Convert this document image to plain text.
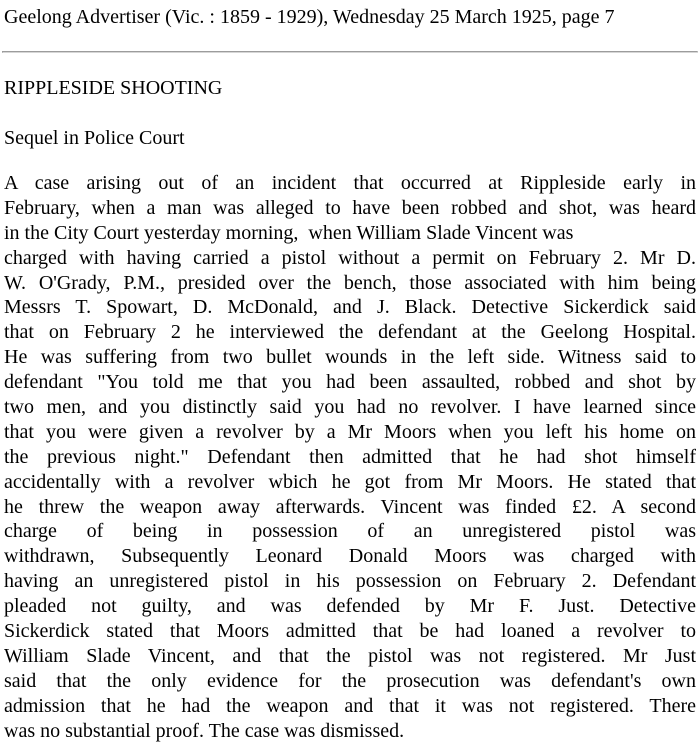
Geelong Advertiser (Vic. : 1859 - 1929), Wednesday 25 March 1925, page 7
RIPPLESIDE SHOOTING
Sequel in Police Court
A case arising out of an incident that occurred at Rippleside early in
February, when a man was alleged to have been robbed and shot, was heard
in the City Court yesterday morning,  when William Slade Vincent was
charged with having carried a pistol without a permit on February 2. Mr D.
W. O'Grady, P.M., presided over the bench, those associated with him being
Messrs T. Spowart, D. McDonald, and J. Black. Detective Sickerdick said
that on February 2 he interviewed the defendant at the Geelong Hospital.
He was suffering from two bullet wounds in the left side. Witness said to
defendant "You told me that you had been assaulted, robbed and shot by
two men, and you distinctly said you had no revolver. I have learned since
that you were given a revolver by a Mr Moors when you left his home on
the previous night." Defendant then admitted that he had shot himself
accidentally with a revolver wbich he got from Mr Moors. He stated that
he threw the weapon away afterwards. Vincent was finded £2. A second
charge of being in possession of an unregistered pistol was
withdrawn, Subsequently Leonard Donald Moors was charged with
having an unregistered pistol in his possession on February 2. Defendant
pleaded not guilty, and was defended by Mr F. Just. Detective
Sickerdick stated that Moors admitted that be had loaned a revolver to
William Slade Vincent, and that the pistol was not registered. Mr Just
said that the only evidence for the prosecution was defendant's own
admission that he had the weapon and that it was not registered. There
was no substantial proof. The case was dismissed.
